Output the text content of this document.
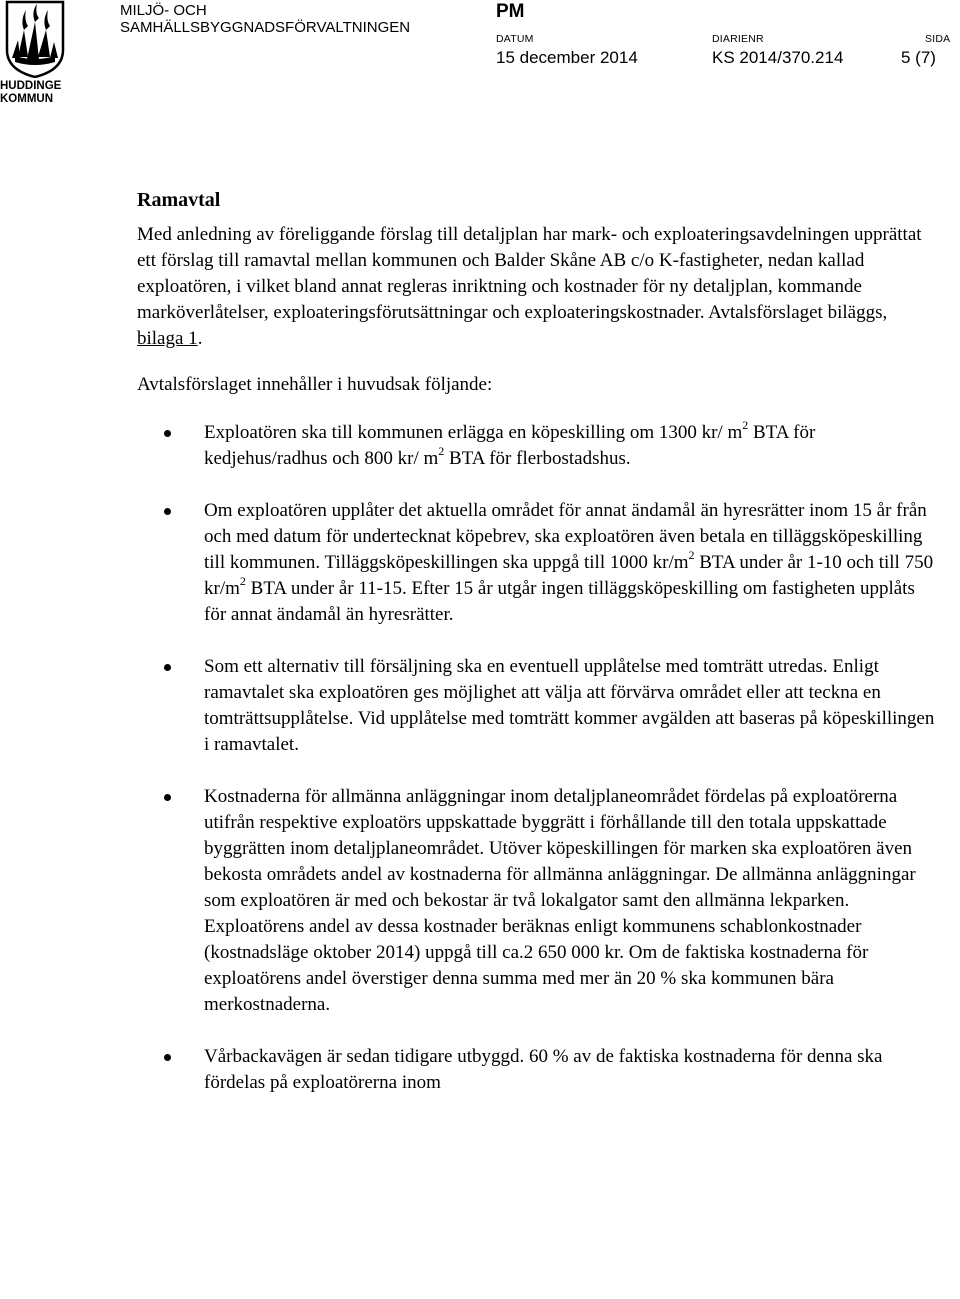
HUDDINGE
KOMMUN
MILJÖ- OCH
SAMHÄLLSBYGGNADSFÖRVALTNINGEN
PM
DATUM
15 december 2014
DIARIENR
KS 2014/370.214
SIDA
5 (7)
Ramavtal

Med anledning av föreliggande förslag till detaljplan har mark- och exploateringsavdelningen upprättat ett förslag till ramavtal mellan kommunen och Balder Skåne AB c/o K-fastigheter, nedan kallad exploatören, i vilket bland annat regleras inriktning och kostnader för ny detaljplan, kommande marköverlåtelser, exploateringsförutsättningar och exploateringskostnader. Avtalsförslaget biläggs, bilaga 1.

Avtalsförslaget innehåller i huvudsak följande:

Exploatören ska till kommunen erlägga en köpeskilling om 1300 kr/ $m^2$ BTA för kedjehus/radhus och 800 kr/ $m^2$ BTA för flerbostadshus.

Om exploatören upplåter det aktuella området för annat ändamål än hyresrätter inom 15 år från och med datum för undertecknat köpebrev, ska exploatören även betala en tilläggsköpeskilling till kommunen. Tilläggsköpeskillingen ska uppgå till 1000 $kr/m^2$ BTA under år 1-10 och till 750 $kr/m^2$ BTA under år 11-15. Efter 15 år utgår ingen tilläggsköpeskilling om fastigheten upplåts för annat ändamål än hyresrätter.

Som ett alternativ till försäljning ska en eventuell upplåtelse med tomträtt utredas. Enligt ramavtalet ska exploatören ges möjlighet att välja att förvärva området eller att teckna en tomträttsupplåtelse. Vid upplåtelse med tomträtt kommer avgälden att baseras på köpeskillingen i ramavtalet.

Kostnaderna för allmänna anläggningar inom detaljplaneområdet fördelas på exploatörerna utifrån respektive exploatörs uppskattade byggrätt i förhållande till den totala uppskattade byggrätten inom detaljplaneområdet. Utöver köpeskillingen för marken ska exploatören även bekosta områdets andel av kostnaderna för allmänna anläggningar. De allmänna anläggningar som exploatören är med och bekostar är två lokalgator samt den allmänna lekparken. Exploatörens andel av dessa kostnader beräknas enligt kommunens schablonkostnader (kostnadsläge oktober 2014) uppgå till ca.2 650 000 kr. Om de faktiska kostnaderna för exploatörens andel överstiger denna summa med mer än 20 % ska kommunen bära merkostnaderna.

Vårbackavägen är sedan tidigare utbyggd. 60 % av de faktiska kostnaderna för denna ska fördelas på exploatörerna inom
